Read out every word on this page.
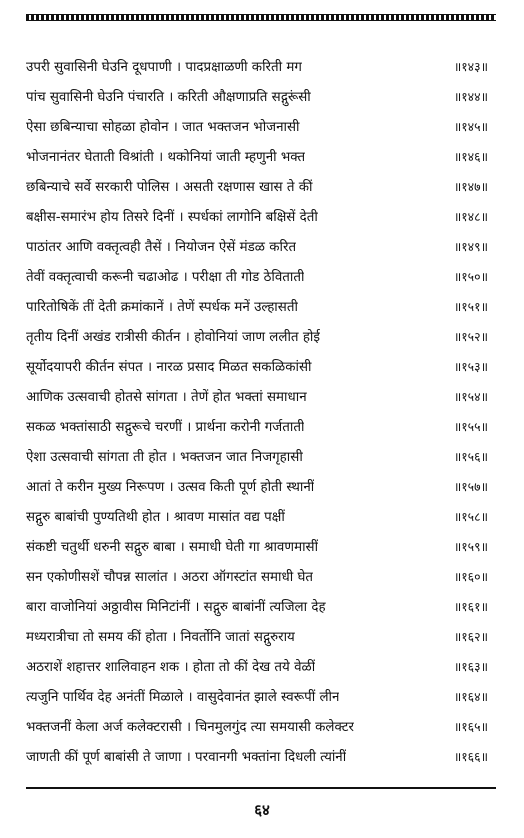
उपरी सुवासिनी घेउनि दूधपाणी । पादप्रक्षाळणी करिती मग	॥१४३॥
पांच सुवासिनी घेउनि पंचारति । करिती औक्षणाप्रति सद्गुरूंसी	॥१४४॥
ऐसा छबिन्याचा सोहळा होवोन । जात भक्तजन भोजनासी	॥१४५॥
भोजनानंतर घेताती विश्रांती । थकोनियां जाती म्हणुनी भक्त	॥१४६॥
छबिन्याचे सर्वे सरकारी पोलिस । असती रक्षणास खास ते कीं	॥१४७॥
बक्षीस-समारंभ होय तिसरे दिनीं । स्पर्धकां लागोनि बक्षिसें देती	॥१४८॥
पाठांतर आणि वक्तृत्वही तैसें । नियोजन ऐसें मंडळ करित	॥१४९॥
तेवीं वक्तृत्वाची करूनी चढाओढ । परीक्षा ती गोड ठेविताती	॥१५०॥
पारितोषिकें तीं देती क्रमांकानें । तेणें स्पर्धक मनें उल्हासती	॥१५१॥
तृतीय दिनीं अखंड रात्रीसी कीर्तन । होवोनियां जाण ललीत होई	॥१५२॥
सूर्योदयापरी कीर्तन संपत । नारळ प्रसाद मिळत सकळिकांसी	॥१५३॥
आणिक उत्सवाची होतसे सांगता । तेणें होत भक्तां समाधान	॥१५४॥
सकळ भक्तांसाठी सद्गुरूचे चरणीं । प्रार्थना करोनी गर्जताती	॥१५५॥
ऐशा उत्सवाची सांगता ती होत । भक्तजन जात निजगृहासी	॥१५६॥
आतां ते करीन मुख्य निरूपण । उत्सव किती पूर्ण होती स्थानीं	॥१५७॥
सद्गुरु बाबांची पुण्यतिथी होत । श्रावण मासांत वद्य पक्षीं	॥१५८॥
संकष्टी चतुर्थी धरुनी सद्गुरु बाबा । समाधी घेती गा श्रावणमासीं	॥१५९॥
सन एकोणीसशें चौपन्न सालांत । अठरा ऑगस्टांत समाधी घेत	॥१६०॥
बारा वाजोनियां अठ्ठावीस मिनिटांनीं । सद्गुरु बाबांनीं त्यजिला देह	॥१६१॥
मध्यरात्रीचा तो समय कीं होता । निवर्तोनि जातां सद्गुरुराय	॥१६२॥
अठराशें शहात्तर शालिवाहन शक । होता तो कीं देख तये वेळीं	॥१६३॥
त्यजुनि पार्थिव देह अनंतीं मिळाले । वासुदेवानंत झाले स्वरूपीं लीन	॥१६४॥
भक्तजनीं केला अर्ज कलेक्टरासी । चिनमुलगुंद त्या समयासी कलेक्टर	॥१६५॥
जाणती कीं पूर्ण बाबांसी ते जाणा । परवानगी भक्तांना दिधली त्यांनीं	॥१६६॥
६४
